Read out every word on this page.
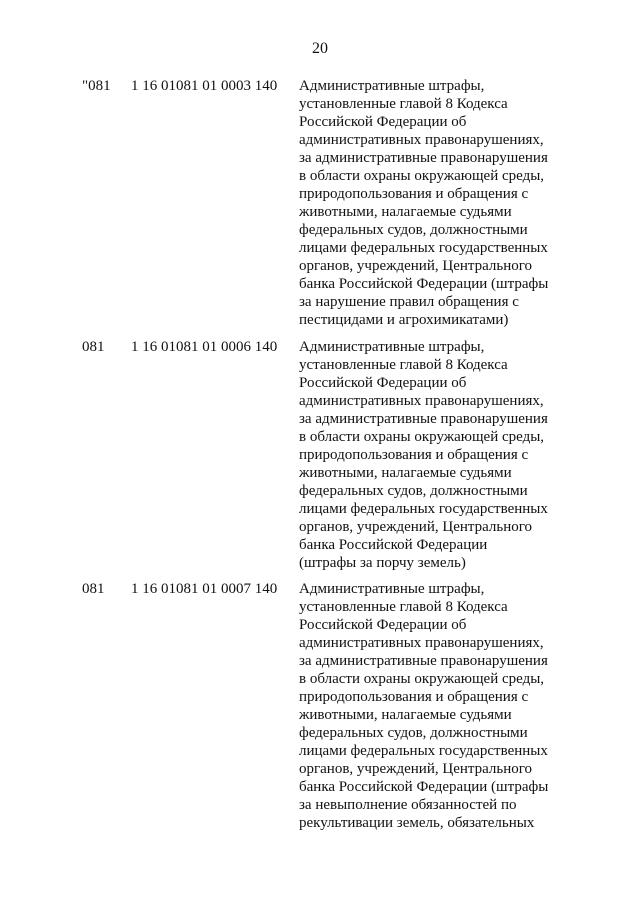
20
"081 1 16 01081 01 0003 140 Административные штрафы,
установленные главой 8 Кодекса
Российской Федерации об
административных правонарушениях,
за административные правонарушения
в области охраны окружающей среды,
природопользования и обращения с
животными, налагаемые судьями
федеральных судов, должностными
лицами федеральных государственных
органов, учреждений, Центрального
банка Российской Федерации (штрафы
за нарушение правил обращения с
пестицидами и агрохимикатами)
081	1 16 01081 01 0006 140 Административные штрафы,
установленные главой 8 Кодекса
Российской Федерации об
административных правонарушениях,
за административные правонарушения
в области охраны окружающей среды,
природопользования и обращения с
животными, налагаемые судьями
федеральных судов, должностными
лицами федеральных государственных
органов, учреждений, Центрального
банка Российской Федерации
(штрафы за порчу земель)
081	1 16 01081 01 0007 140 Административные штрафы,
установленные главой 8 Кодекса
Российской Федерации об
административных правонарушениях,
за административные правонарушения
в области охраны окружающей среды,
природопользования и обращения с
животными, налагаемые судьями
федеральных судов, должностными
лицами федеральных государственных
органов, учреждений, Центрального
банка Российской Федерации (штрафы
за невыполнение обязанностей по
рекультивации земель, обязательных
